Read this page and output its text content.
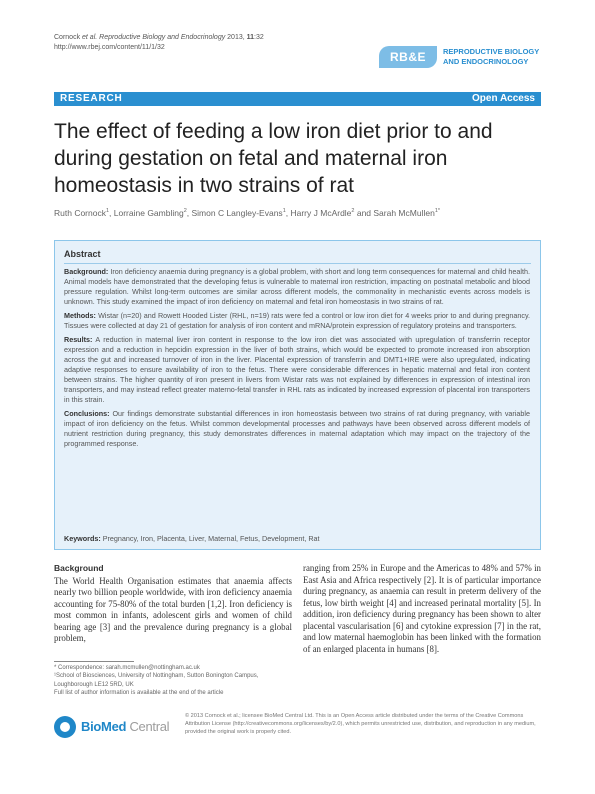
Cornock et al. Reproductive Biology and Endocrinology 2013, 11:32
http://www.rbej.com/content/11/1/32
RB&E	REPRODUCTIVE BIOLOGY
AND ENDOCRINOLOGY
RESEARCH	Open Access
The effect of feeding a low iron diet prior to and during gestation on fetal and maternal iron homeostasis in two strains of rat
Ruth Cornock$^1$, Lorraine Gambling$^2$, Simon C Langley-Evans$^1$, Harry J McArdle$^2$ and Sarah McMullen$^{1*}$
Abstract

Background: Iron deficiency anaemia during pregnancy is a global problem, with short and long term consequences for maternal and child health. Animal models have demonstrated that the developing fetus is vulnerable to maternal iron restriction, impacting on postnatal metabolic and blood pressure regulation. Whilst long-term outcomes are similar across different models, the commonality in mechanistic events across models is unknown. This study examined the impact of iron deficiency on maternal and fetal iron homeostasis in two strains of rat.

Methods: Wistar (n=20) and Rowett Hooded Lister (RHL, n=19) rats were fed a control or low iron diet for 4 weeks prior to and during pregnancy. Tissues were collected at day 21 of gestation for analysis of iron content and mRNA/protein expression of regulatory proteins and transporters.

Results: A reduction in maternal liver iron content in response to the low iron diet was associated with upregulation of transferrin receptor expression and a reduction in hepcidin expression in the liver of both strains, which would be expected to promote increased iron absorption across the gut and increased turnover of iron in the liver. Placental expression of transferrin and DMT1+IRE were also upregulated, indicating adaptive responses to ensure availability of iron to the fetus. There were considerable differences in hepatic maternal and fetal iron content between strains. The higher quantity of iron present in livers from Wistar rats was not explained by differences in expression of intestinal iron transporters, and may instead reflect greater materno-fetal transfer in RHL rats as indicated by increased expression of placental iron transporters in this strain.

Conclusions: Our findings demonstrate substantial differences in iron homeostasis between two strains of rat during pregnancy, with variable impact of iron deficiency on the fetus. Whilst common developmental processes and pathways have been observed across different models of nutrient restriction during pregnancy, this study demonstrates differences in maternal adaptation which may impact on the trajectory of the programmed response.

Keywords: Pregnancy, Iron, Placenta, Liver, Maternal, Fetus, Development, Rat
Background

The World Health Organisation estimates that anaemia affects nearly two billion people worldwide, with iron deficiency anaemia accounting for 75-80% of the total burden [1,2]. Iron deficiency is most common in infants, adolescent girls and women of child bearing age [3] and the prevalence during pregnancy is a global problem,

ranging from 25% in Europe and the Americas to 48% and 57% in East Asia and Africa respectively [2]. It is of particular importance during pregnancy, as anaemia can result in preterm delivery of the fetus, low birth weight [4] and increased perinatal mortality [5]. In addition, iron deficiency during pregnancy has been shown to alter placental vascularisation [6] and cytokine expression [7] in the rat, and low maternal haemoglobin has been linked with the formation of an enlarged placenta in humans [8].

* Correspondence: sarah.mcmullen@nottingham.ac.uk

¹School of Biosciences, University of Nottingham, Sutton Bonington Campus, Loughborough LE12 5RD, UK

Full list of author information is available at the end of the article

BioMed Central
© 2013 Cornock et al.; licensee BioMed Central Ltd. This is an Open Access article distributed under the terms of the Creative Commons Attribution License (http://creativecommons.org/licenses/by/2.0), which permits unrestricted use, distribution, and reproduction in any medium, provided the original work is properly cited.
